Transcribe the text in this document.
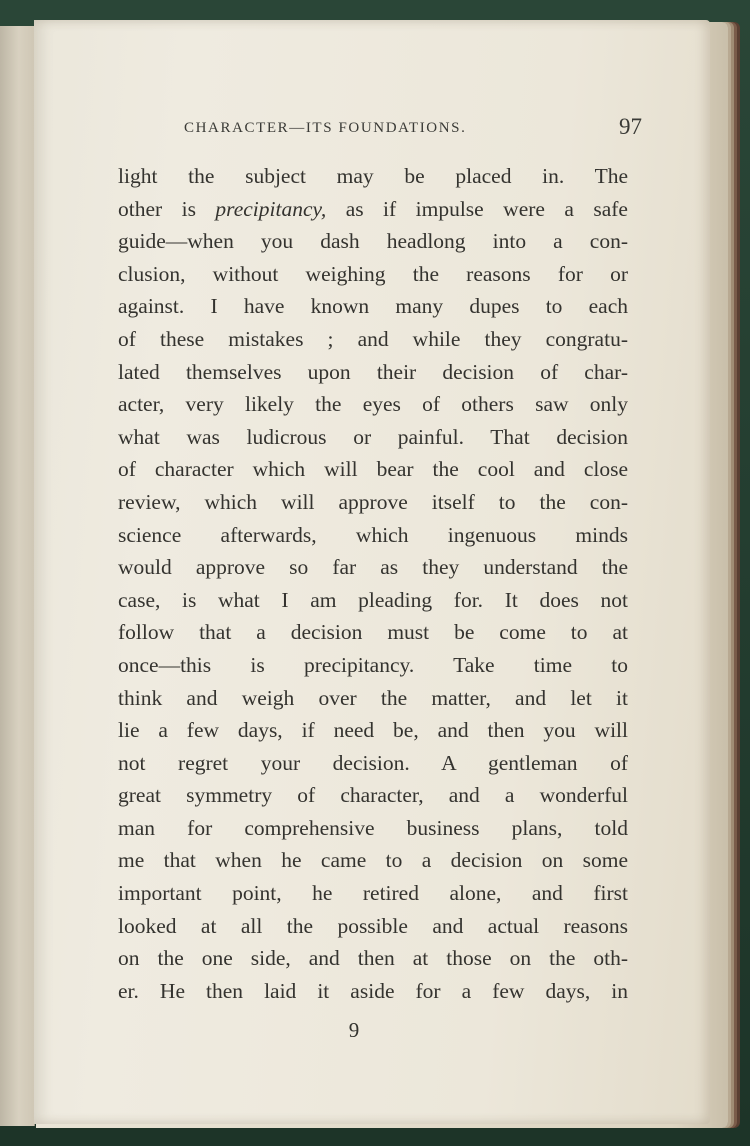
CHARACTER—ITS FOUNDATIONS.	97
light the subject may be placed in. The
other is precipitancy, as if impulse were a safe
guide—when you dash headlong into a con-
clusion, without weighing the reasons for or
against. I have known many dupes to each
of these mistakes ; and while they congratu-
lated themselves upon their decision of char-
acter, very likely the eyes of others saw only
what was ludicrous or painful. That decision
of character which will bear the cool and close
review, which will approve itself to the con-
science afterwards, which ingenuous minds
would approve so far as they understand the
case, is what I am pleading for. It does not
follow that a decision must be come to at
once—this is precipitancy. Take time to
think and weigh over the matter, and let it
lie a few days, if need be, and then you will
not regret your decision. A gentleman of
great symmetry of character, and a wonderful
man for comprehensive business plans, told
me that when he came to a decision on some
important point, he retired alone, and first
looked at all the possible and actual reasons
on the one side, and then at those on the oth-
er. He then laid it aside for a few days, in
9
